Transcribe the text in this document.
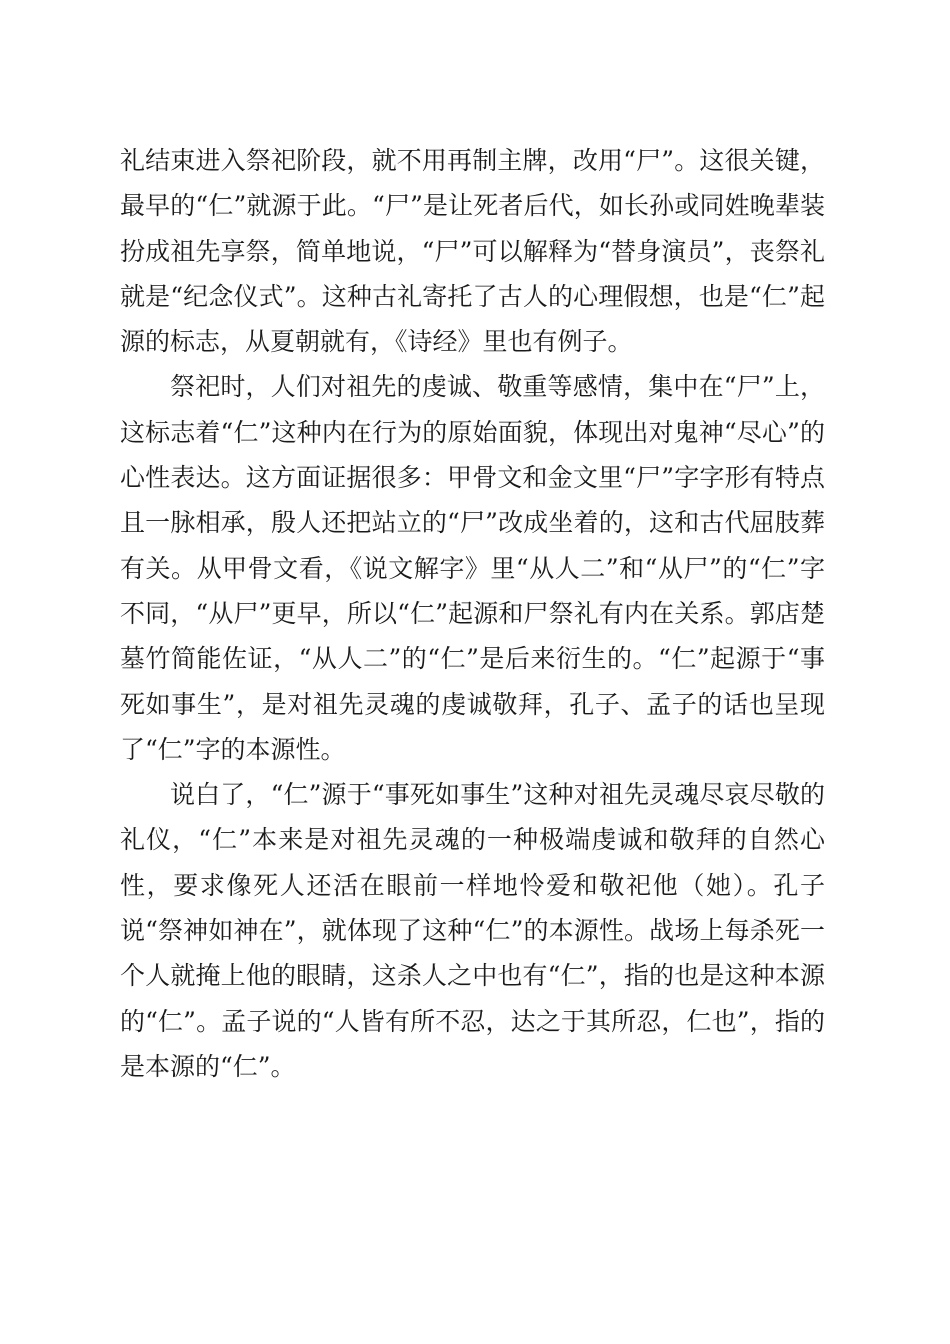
礼结束进入祭祀阶段，就不用再制主牌，改用“尸”。这很关键，最早的“仁”就源于此。“尸”是让死者后代，如长孙或同姓晚辈装扮成祖先享祭，简单地说，“尸”可以解释为“替身演员”，丧祭礼就是“纪念仪式”。这种古礼寄托了古人的心理假想，也是“仁”起源的标志，从夏朝就有，《诗经》里也有例子。

祭祀时，人们对祖先的虔诚、敬重等感情，集中在“尸”上，这标志着“仁”这种内在行为的原始面貌，体现出对鬼神“尽心”的心性表达。这方面证据很多：甲骨文和金文里“尸”字字形有特点且一脉相承，殷人还把站立的“尸”改成坐着的，这和古代屈肢葬有关。从甲骨文看，《说文解字》里“从人二”和“从尸”的“仁”字不同，“从尸”更早，所以“仁”起源和尸祭礼有内在关系。郭店楚墓竹简能佐证，“从人二”的“仁”是后来衍生的。“仁”起源于“事死如事生”，是对祖先灵魂的虔诚敬拜，孔子、孟子的话也呈现了“仁”字的本源性。

说白了，“仁”源于“事死如事生”这种对祖先灵魂尽哀尽敬的礼仪，“仁”本来是对祖先灵魂的一种极端虔诚和敬拜的自然心性，要求像死人还活在眼前一样地怜爱和敬祀他（她）。孔子说“祭神如神在”，就体现了这种“仁”的本源性。战场上每杀死一个人就掩上他的眼睛，这杀人之中也有“仁”，指的也是这种本源的“仁”。孟子说的“人皆有所不忍，达之于其所忍，仁也”，指的是本源的“仁”。
